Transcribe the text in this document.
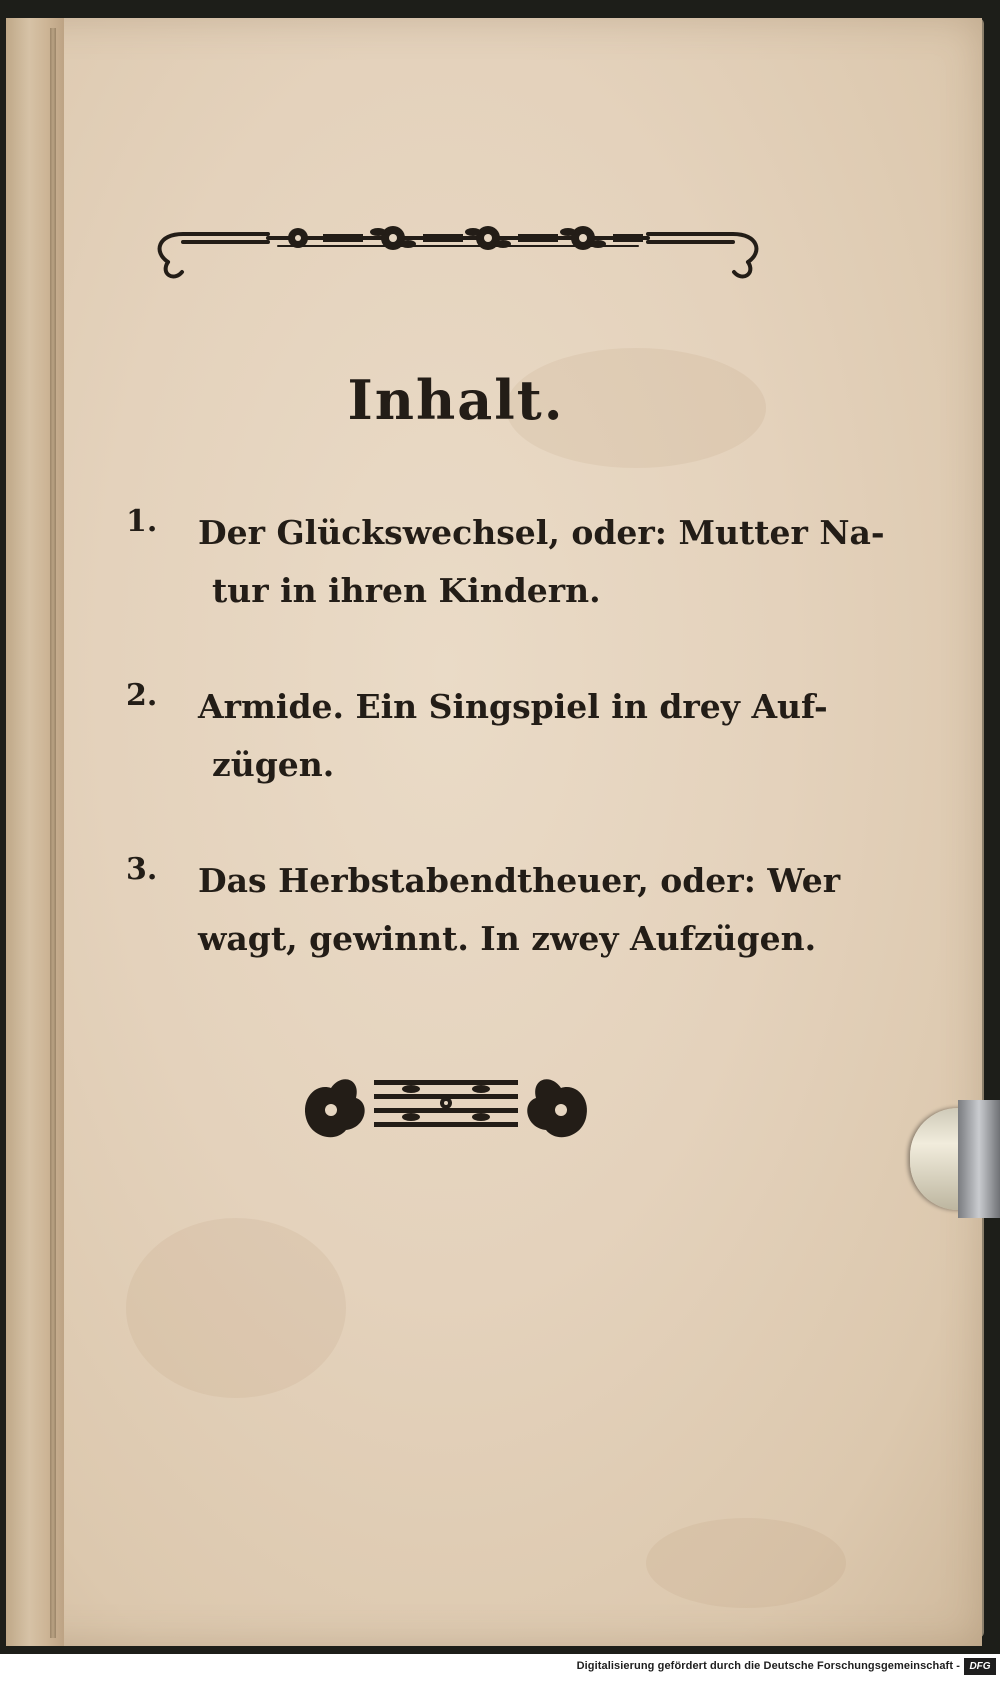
Inhalt.
1. Der Glückswechsel, oder: Mutter Na-
tur in ihren Kindern.
2. Armide. Ein Singspiel in drey Auf-
zügen.
3. Das Herbstabendtheuer, oder: Wer
wagt, gewinnt. In zwey Aufzügen.
Digitalisierung gefördert durch die Deutsche Forschungsgemeinschaft - DFG
